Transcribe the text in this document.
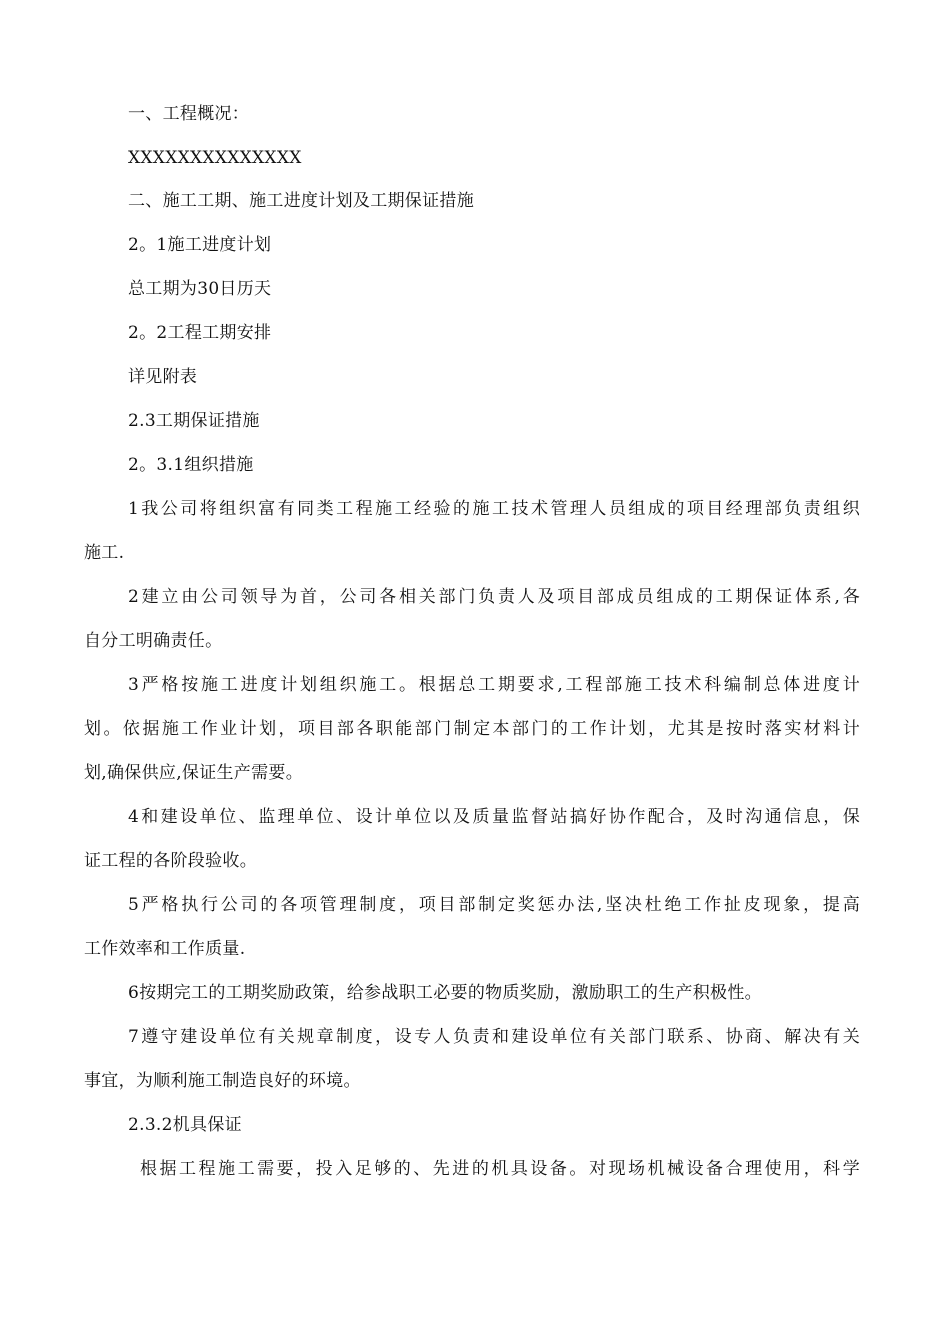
一、工程概况：
XXXXXXXXXXXXXX
二、施工工期、施工进度计划及工期保证措施
2。1施工进度计划
总工期为30日历天
2。2工程工期安排
详见附表
2.3工期保证措施
2。3.1组织措施
1我公司将组织富有同类工程施工经验的施工技术管理人员组成的项目经理部负责组织
施工.
2建立由公司领导为首，公司各相关部门负责人及项目部成员组成的工期保证体系,各
自分工明确责任。
3严格按施工进度计划组织施工。根据总工期要求,工程部施工技术科编制总体进度计
划。依据施工作业计划，项目部各职能部门制定本部门的工作计划，尤其是按时落实材料计
划,确保供应,保证生产需要。
4和建设单位、监理单位、设计单位以及质量监督站搞好协作配合，及时沟通信息，保
证工程的各阶段验收。
5严格执行公司的各项管理制度，项目部制定奖惩办法,坚决杜绝工作扯皮现象，提高
工作效率和工作质量.
6按期完工的工期奖励政策，给参战职工必要的物质奖励，激励职工的生产积极性。
7遵守建设单位有关规章制度，设专人负责和建设单位有关部门联系、协商、解决有关
事宜，为顺利施工制造良好的环境。
2.3.2机具保证
根据工程施工需要，投入足够的、先进的机具设备。对现场机械设备合理使用，科学
